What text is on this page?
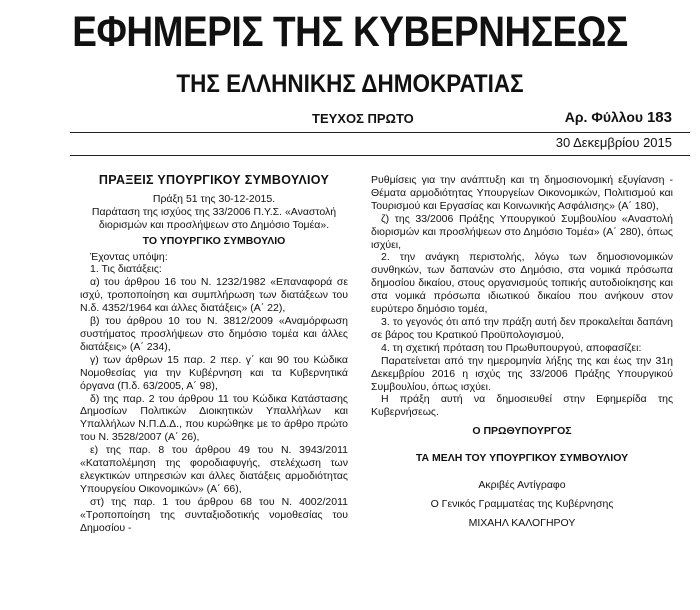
ΕΦΗΜΕΡΙΣ ΤΗΣ ΚΥΒΕΡΝΗΣΕΩΣ
ΤΗΣ ΕΛΛΗΝΙΚΗΣ ΔΗΜΟΚΡΑΤΙΑΣ
ΤΕΥΧΟΣ ΠΡΩΤΟ	Αρ. Φύλλου 183
30 Δεκεμβρίου 2015

ΠΡΑΞΕΙΣ ΥΠΟΥΡΓΙΚΟΥ ΣΥΜΒΟΥΛΙΟΥ

Πράξη 51 της 30-12-2015.

Παράταση της ισχύος της 33/2006 Π.Υ.Σ. «Αναστολή διορισμών και προσλήψεων στο Δημόσιο Τομέα».

ΤΟ ΥΠΟΥΡΓΙΚΟ ΣΥΜΒΟΥΛΙΟ

Έχοντας υπόψη:

1. Τις διατάξεις:

α) του άρθρου 16 του Ν. 1232/1982 «Επαναφορά σε ισχύ, τροποποίηση και συμπλήρωση των διατάξεων του Ν.δ. 4352/1964 και άλλες διατάξεις» (Α΄ 22),

β) του άρθρου 10 του Ν. 3812/2009 «Αναμόρφωση συστήματος προσλήψεων στο δημόσιο τομέα και άλλες διατάξεις» (Α΄ 234),

γ) των άρθρων 15 παρ. 2 περ. γ΄ και 90 του Κώδικα Νομοθεσίας για την Κυβέρνηση και τα Κυβερνητικά όργανα (Π.δ. 63/2005, Α΄ 98),

δ) της παρ. 2 του άρθρου 11 του Κώδικα Κατάστασης Δημοσίων Πολιτικών Διοικητικών Υπαλλήλων και Υπαλλήλων Ν.Π.Δ.Δ., που κυρώθηκε με το άρθρο πρώτο του Ν. 3528/2007 (Α΄ 26),

ε) της παρ. 8 του άρθρου 49 του Ν. 3943/2011 «Καταπολέμηση της φοροδιαφυγής, στελέχωση των ελεγκτικών υπηρεσιών και άλλες διατάξεις αρμοδιότητας Υπουργείου Οικονομικών» (Α΄ 66),

στ) της παρ. 1 του άρθρου 68 του Ν. 4002/2011 «Τροποποίηση της συνταξιοδοτικής νομοθεσίας του Δημοσίου -

Ρυθμίσεις για την ανάπτυξη και τη δημοσιονομική εξυγίανση - Θέματα αρμοδιότητας Υπουργείων Οικονομικών, Πολιτισμού και Τουρισμού και Εργασίας και Κοινωνικής Ασφάλισης» (Α΄ 180),

ζ) της 33/2006 Πράξης Υπουργικού Συμβουλίου «Αναστολή διορισμών και προσλήψεων στο Δημόσιο Τομέα» (Α΄ 280), όπως ισχύει,

2. την ανάγκη περιστολής, λόγω των δημοσιονομικών συνθηκών, των δαπανών στο Δημόσιο, στα νομικά πρόσωπα δημοσίου δικαίου, στους οργανισμούς τοπικής αυτοδιοίκησης και στα νομικά πρόσωπα ιδιωτικού δικαίου που ανήκουν στον ευρύτερο δημόσιο τομέα,

3. το γεγονός ότι από την πράξη αυτή δεν προκαλείται δαπάνη σε βάρος του Κρατικού Προϋπολογισμού,

4. τη σχετική πρόταση του Πρωθυπουργού, αποφασίζει:

Παρατείνεται από την ημερομηνία λήξης της και έως την 31η Δεκεμβρίου 2016 η ισχύς της 33/2006 Πράξης Υπουργικού Συμβουλίου, όπως ισχύει.

Η πράξη αυτή να δημοσιευθεί στην Εφημερίδα της Κυβερνήσεως.

Ο ΠΡΩΘΥΠΟΥΡΓΟΣ

ΤΑ ΜΕΛΗ ΤΟΥ ΥΠΟΥΡΓΙΚΟΥ ΣΥΜΒΟΥΛΙΟΥ

Ακριβές Αντίγραφο

Ο Γενικός Γραμματέας της Κυβέρνησης

ΜΙΧΑΗΛ ΚΑΛΟΓΗΡΟΥ
